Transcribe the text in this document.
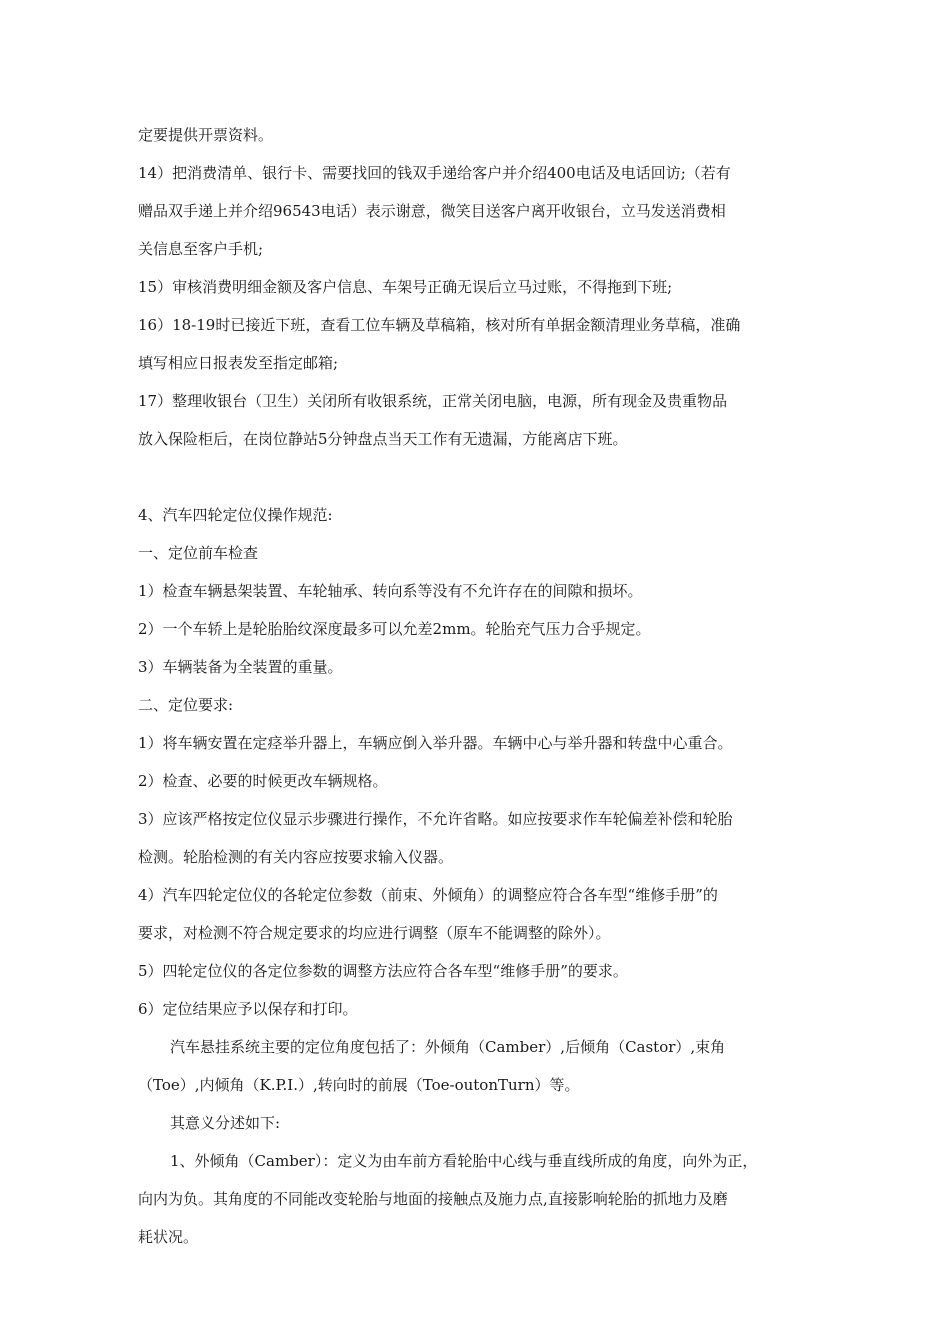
定要提供开票资料。
14）把消费清单、银行卡、需要找回的钱双手递给客户并介绍400电话及电话回访;（若有
赠品双手递上并介绍96543电话）表示谢意，微笑目送客户离开收银台，立马发送消费相
关信息至客户手机;
15）审核消费明细金额及客户信息、车架号正确无误后立马过账，不得拖到下班;
16）18-19时已接近下班，查看工位车辆及草稿箱，核对所有单据金额清理业务草稿，准确
填写相应日报表发至指定邮箱;
17）整理收银台（卫生）关闭所有收银系统，正常关闭电脑，电源，所有现金及贵重物品
放入保险柜后，在岗位静站5分钟盘点当天工作有无遗漏，方能离店下班。
4、汽车四轮定位仪操作规范:
一、定位前车检查
1）检查车辆悬架装置、车轮轴承、转向系等没有不允许存在的间隙和损坏。
2）一个车轿上是轮胎胎纹深度最多可以允差2mm。轮胎充气压力合乎规定。
3）车辆装备为全装置的重量。
二、定位要求:
1）将车辆安置在定痉举升器上，车辆应倒入举升器。车辆中心与举升器和转盘中心重合。
2）检查、必要的时候更改车辆规格。
3）应该严格按定位仪显示步骤进行操作，不允许省略。如应按要求作车轮偏差补偿和轮胎
检测。轮胎检测的有关内容应按要求输入仪器。
4）汽车四轮定位仪的各轮定位参数（前束、外倾角）的调整应符合各车型“维修手册”的
要求，对检测不符合规定要求的均应进行调整（原车不能调整的除外）。
5）四轮定位仪的各定位参数的调整方法应符合各车型“维修手册”的要求。
6）定位结果应予以保存和打印。
汽车悬挂系统主要的定位角度包括了：外倾角（Camber）,后倾角（Castor）,束角
（Toe）,内倾角（K.P.I.）,转向时的前展（Toe-outonTurn）等。
其意义分述如下:
1、外倾角（Camber）：定义为由车前方看轮胎中心线与垂直线所成的角度，向外为正，
向内为负。其角度的不同能改变轮胎与地面的接触点及施力点,直接影响轮胎的抓地力及磨
耗状况。
